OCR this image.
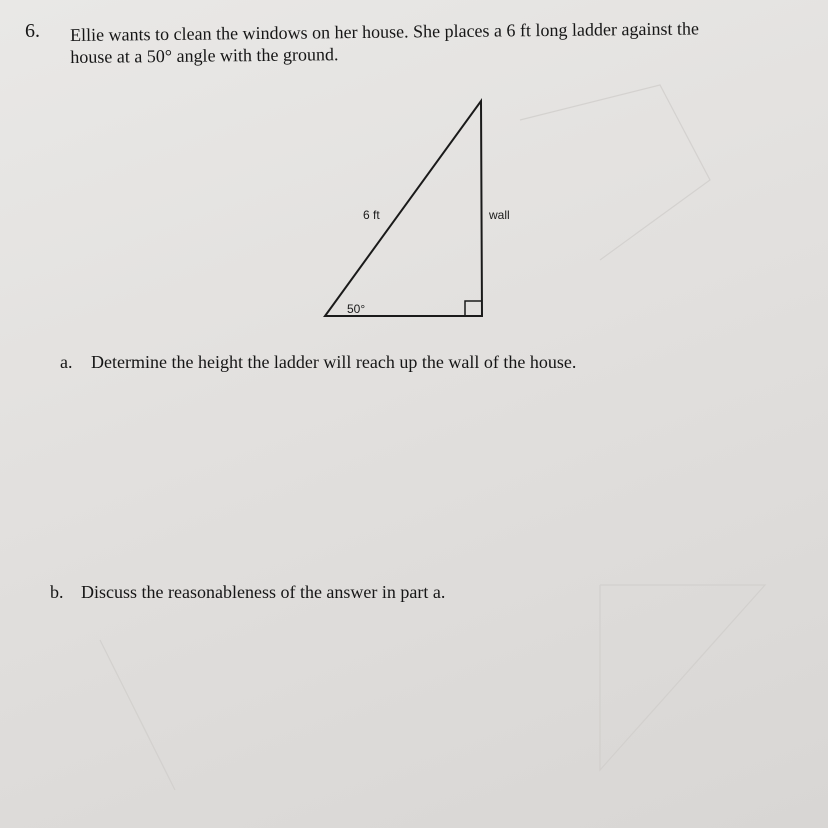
6. Ellie wants to clean the windows on her house. She places a 6 ft long ladder against the
house at a 50° angle with the ground.

6 ft	wall
50°
a. Determine the height the ladder will reach up the wall of the house.
b. Discuss the reasonableness of the answer in part a.
